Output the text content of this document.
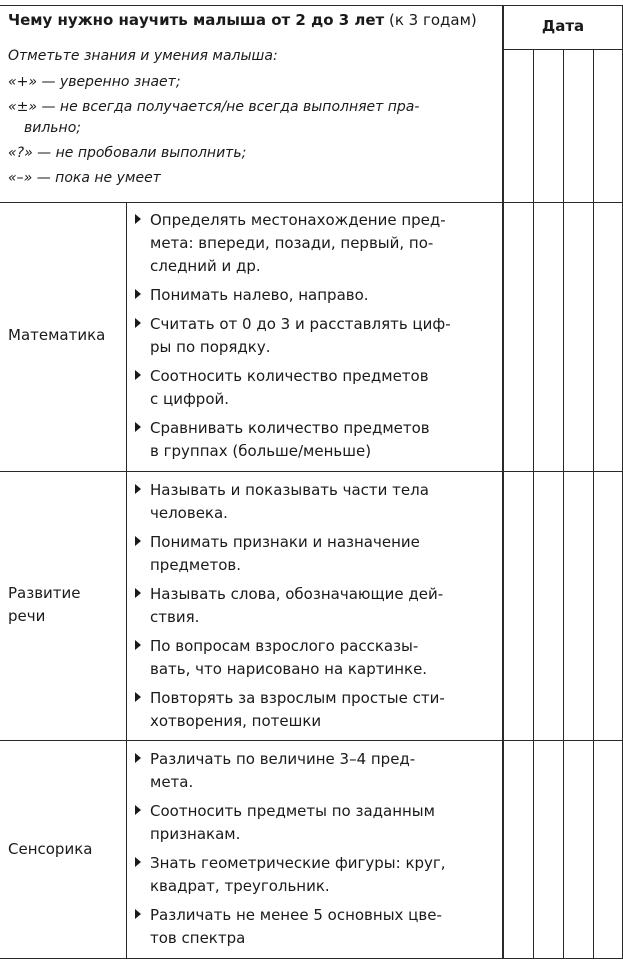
Чему нужно научить малыша от 2 до 3 лет (к 3 годам)	Дата
Отметьте знания и умения малыша:
«+» — уверенно знает;
«±» — не всегда получается/не всегда выполняет пра-
вильно;
«?» — не пробовали выполнить;
«–» — пока не умеет
Математика
Определять местонахождение пред-
мета: впереди, позади, первый, по-
следний и др.
Понимать налево, направо.
Считать от 0 до 3 и расставлять циф-
ры по порядку.
Соотносить количество предметов
с цифрой.
Сравнивать количество предметов
в группах (больше/меньше)
Развитие
речи
Называть и показывать части тела
человека.
Понимать признаки и назначение
предметов.
Называть слова, обозначающие дей-
ствия.
По вопросам взрослого рассказы-
вать, что нарисовано на картинке.
Повторять за взрослым простые сти-
хотворения, потешки
Сенсорика
Различать по величине 3–4 пред-
мета.
Соотносить предметы по заданным
признакам.
Знать геометрические фигуры: круг,
квадрат, треугольник.
Различать не менее 5 основных цве-
тов спектра
